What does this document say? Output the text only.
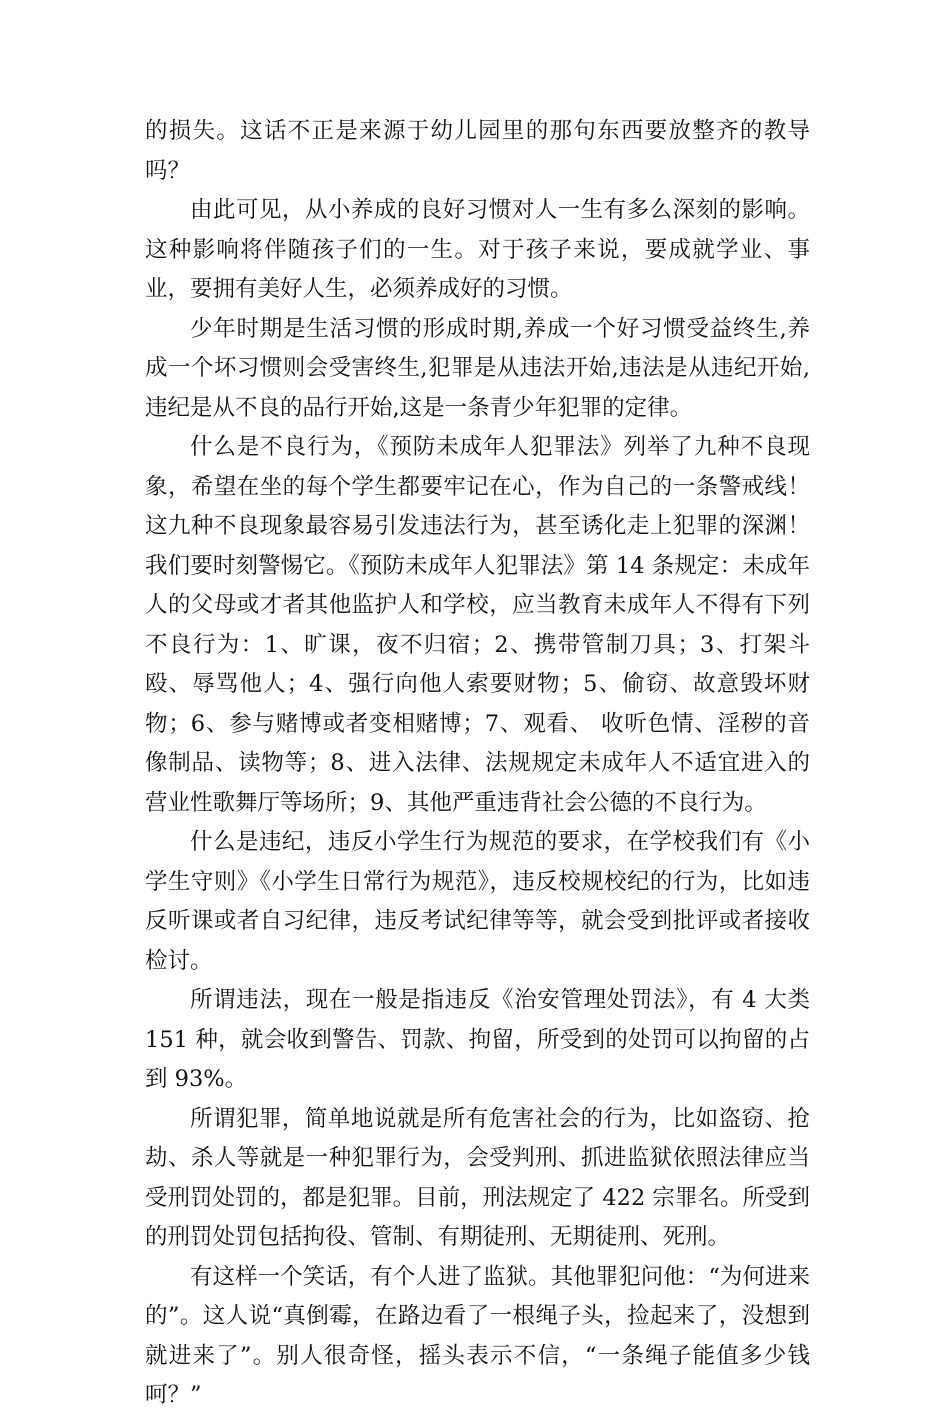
的损失。这话不正是来源于幼儿园里的那句东西要放整齐的教导吗？

由此可见，从小养成的良好习惯对人一生有多么深刻的影响。这种影响将伴随孩子们的一生。对于孩子来说，要成就学业、事业，要拥有美好人生，必须养成好的习惯。

少年时期是生活习惯的形成时期,养成一个好习惯受益终生,养成一个坏习惯则会受害终生,犯罪是从违法开始,违法是从违纪开始,违纪是从不良的品行开始,这是一条青少年犯罪的定律。

什么是不良行为，《预防未成年人犯罪法》列举了九种不良现象，希望在坐的每个学生都要牢记在心，作为自己的一条警戒线！这九种不良现象最容易引发违法行为，甚至诱化走上犯罪的深渊！我们要时刻警惕它。《预防未成年人犯罪法》第 14 条规定：未成年人的父母或才者其他监护人和学校，应当教育未成年人不得有下列不良行为：1、旷课，夜不归宿；2、携带管制刀具；3、打架斗殴、辱骂他人；4、强行向他人索要财物；5、偷窃、故意毁坏财物；6、参与赌博或者变相赌博；7、观看、 收听色情、淫秽的音像制品、读物等；8、进入法律、法规规定未成年人不适宜进入的营业性歌舞厅等场所；9、其他严重违背社会公德的不良行为。

什么是违纪，违反小学生行为规范的要求，在学校我们有《小学生守则》《小学生日常行为规范》，违反校规校纪的行为，比如违反听课或者自习纪律，违反考试纪律等等，就会受到批评或者接收检讨。

所谓违法，现在一般是指违反《治安管理处罚法》，有 4 大类 151 种，就会收到警告、罚款、拘留，所受到的处罚可以拘留的占到 93%。

所谓犯罪，简单地说就是所有危害社会的行为，比如盗窃、抢劫、杀人等就是一种犯罪行为，会受判刑、抓进监狱依照法律应当受刑罚处罚的，都是犯罪。目前，刑法规定了 422 宗罪名。所受到的刑罚处罚包括拘役、管制、有期徒刑、无期徒刑、死刑。

有这样一个笑话，有个人进了监狱。其他罪犯问他：“为何进来的”。这人说“真倒霉，在路边看了一根绳子头，捡起来了，没想到就进来了”。别人很奇怪，摇头表示不信，“一条绳子能值多少钱呵？”
